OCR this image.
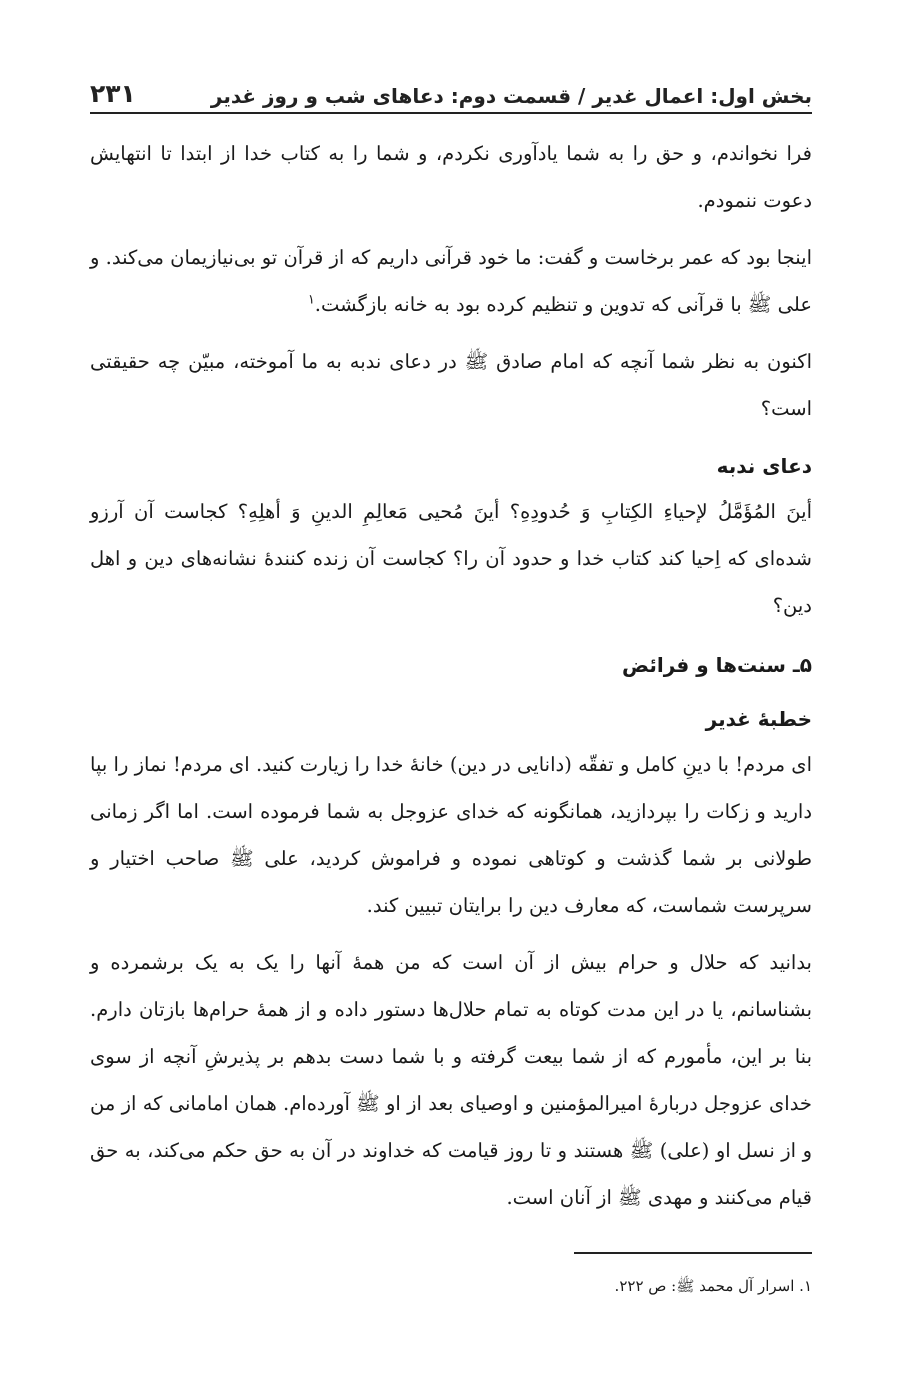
بخش اول: اعمال غدیر / قسمت دوم: دعاهای شب و روز غدیر
۲۳۱

فرا نخواندم، و حق را به شما یادآوری نکردم، و شما را به کتاب خدا از ابتدا تا انتهایش دعوت ننمودم.

اینجا بود که عمر برخاست و گفت: ما خود قرآنی داریم که از قرآن تو بی‌نیازیمان می‌کند. و علی ﷺ با قرآنی که تدوین و تنظیم کرده بود به خانه بازگشت.$^۱$

اکنون به نظر شما آنچه که امام صادق ﷺ در دعای ندبه به ما آموخته، مبیّن چه حقیقتی است؟

دعای ندبه

أینَ المُؤَمَّلُ لإحیاءِ الکِتابِ وَ حُدودِهِ؟ أینَ مُحیی مَعالِمِ الدینِ وَ أهلِهِ؟ کجاست آن آرزو شده‌ای که اِحیا کند کتاب خدا و حدود آن را؟ کجاست آن زنده کنندهٔ نشانه‌های دین و اهل دین؟

۵ـ سنت‌ها و فرائض
خطبهٔ غدیر

ای مردم! با دینِ کامل و تفقّه (دانایی در دین) خانهٔ خدا را زیارت کنید. ای مردم! نماز را بپا دارید و زکات را بپردازید، همانگونه که خدای عزوجل به شما فرموده است. اما اگر زمانی طولانی بر شما گذشت و کوتاهی نموده و فراموش کردید، علی ﷺ صاحب اختیار و سرپرست شماست، که معارف دین را برایتان تبیین کند.

بدانید که حلال و حرام بیش از آن است که من همهٔ آنها را یک به یک برشمرده و بشناسانم، یا در این مدت کوتاه به تمام حلال‌ها دستور داده و از همهٔ حرام‌ها بازتان دارم. بنا بر این، مأمورم که از شما بیعت گرفته و با شما دست بدهم بر پذیرشِ آنچه از سوی خدای عزوجل دربارهٔ امیرالمؤمنین و اوصیای بعد از او ﷺ آورده‌ام. همان امامانی که از من و از نسل او (علی) ﷺ هستند و تا روز قیامت که خداوند در آن به حق حکم می‌کند، به حق قیام می‌کنند و مهدی ﷺ از آنان است.

۱. اسرار آل محمد ﷺ: ص ۲۲۲.
